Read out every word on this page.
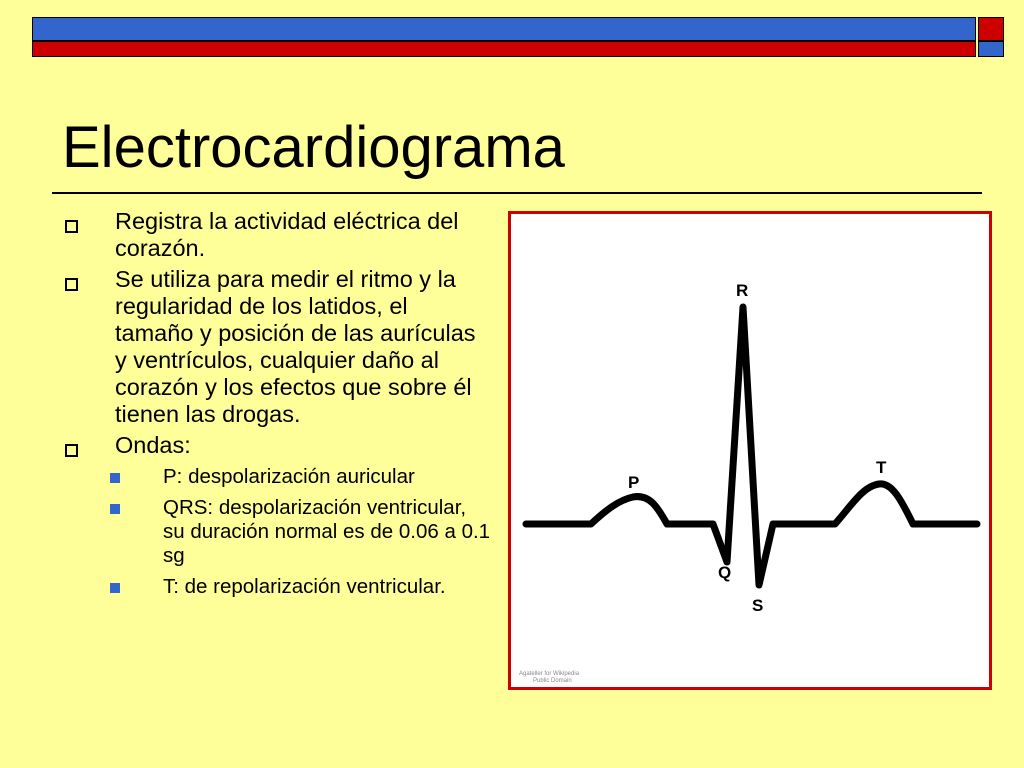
Electrocardiograma
Registra la actividad eléctrica del corazón.
Se utiliza para medir el ritmo y la regularidad de los latidos, el tamaño y posición de las aurículas y ventrículos, cualquier daño al corazón y los efectos que sobre él tienen las drogas.
Ondas:
P: despolarización auricular
QRS: despolarización ventricular, su duración normal es de 0.06 a 0.1 sg
T: de repolarización ventricular.
R
P
T
Q
S
Agateller for Wikipedia
Public Domain
